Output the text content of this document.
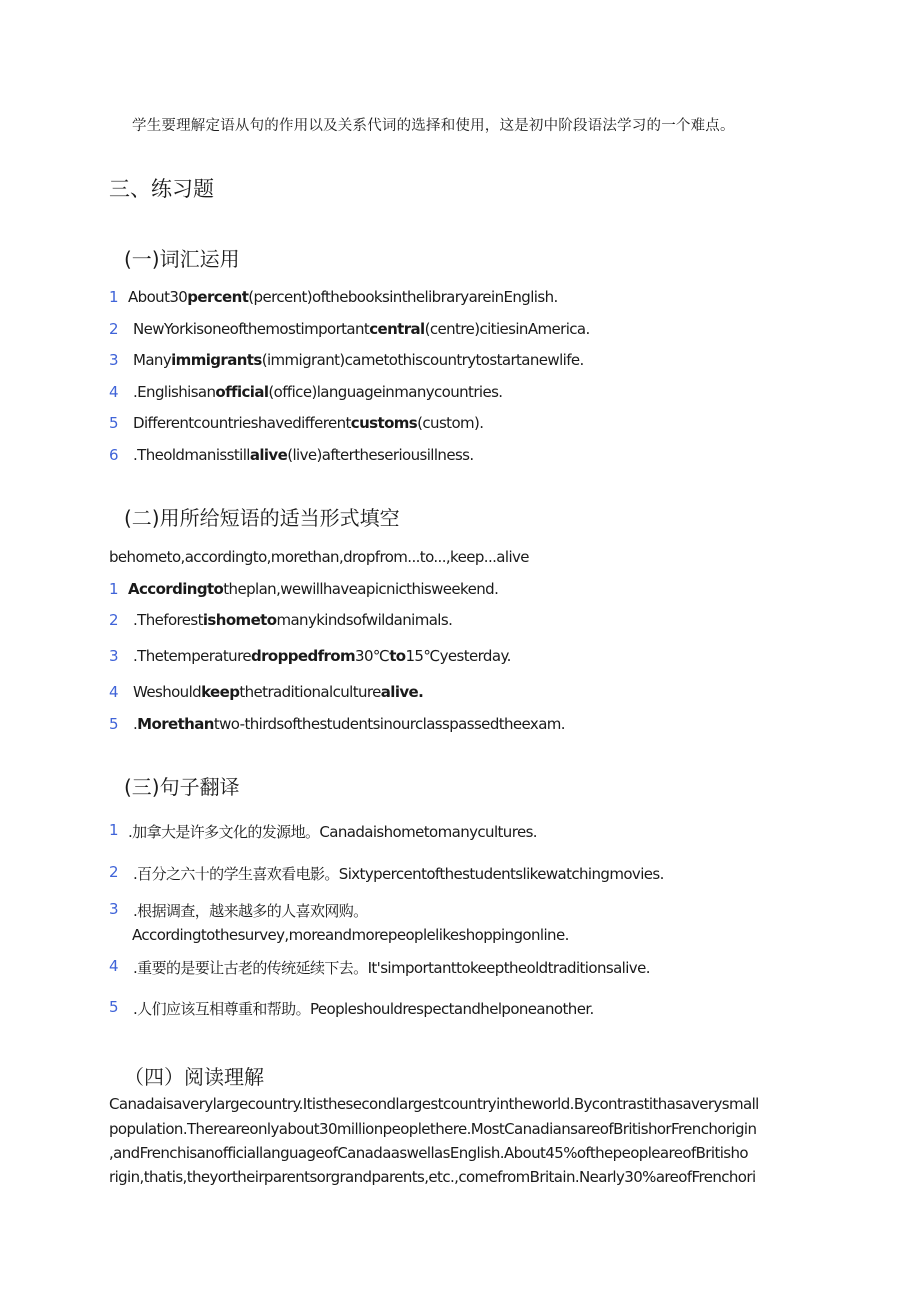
学生要理解定语从句的作用以及关系代词的选择和使用，这是初中阶段语法学习的一个难点。
三、练习题
(一)词汇运用
1 About30percent(percent)ofthebooksinthelibraryareinEnglish.
2 NewYorkisoneofthemostimportantcentral(centre)citiesinAmerica.
3 Manyimmigrants(immigrant)cametothiscountrytostartanewlife.
4 .Englishisanofficial(office)languageinmanycountries.
5 Differentcountrieshavedifferentcustoms(custom).
6 .Theoldmanisstillalive(live)aftertheseriousillness.
(二)用所给短语的适当形式填空
behometo,accordingto,morethan,dropfrom...to...,keep...alive
1 Accordingtotheplan,wewillhaveapicnicthisweekend.
2 .Theforestishometomanykindsofwildanimals.
3 .Thetemperaturedroppedfrom30℃to15℃yesterday.
4 Weshouldkeepthetraditionalculturealive.
5 .Morethantwo-thirdsofthestudentsinourclasspassedtheexam.
(三)句子翻译
1 .加拿大是许多文化的发源地。Canadaishometomanycultures.
2 .百分之六十的学生喜欢看电影。Sixtypercentofthestudentslikewatchingmovies.
3 .根据调查，越来越多的人喜欢网购。
Accordingtothesurvey,moreandmorepeoplelikeshoppingonline.
4 .重要的是要让古老的传统延续下去。It'simportanttokeeptheoldtraditionsalive.
5 .人们应该互相尊重和帮助。Peopleshouldrespectandhelponeanother.
（四）阅读理解
Canadaisaverylargecountry.Itisthesecondlargestcountryintheworld.Bycontrastithasaverysmall
population.Thereareonlyabout30millionpeoplethere.MostCanadiansareofBritishorFrenchorigin
,andFrenchisanofficiallanguageofCanadaaswellasEnglish.About45%ofthepeopleareofBritisho
rigin,thatis,theyortheirparentsorgrandparents,etc.,comefromBritain.Nearly30%areofFrenchori
